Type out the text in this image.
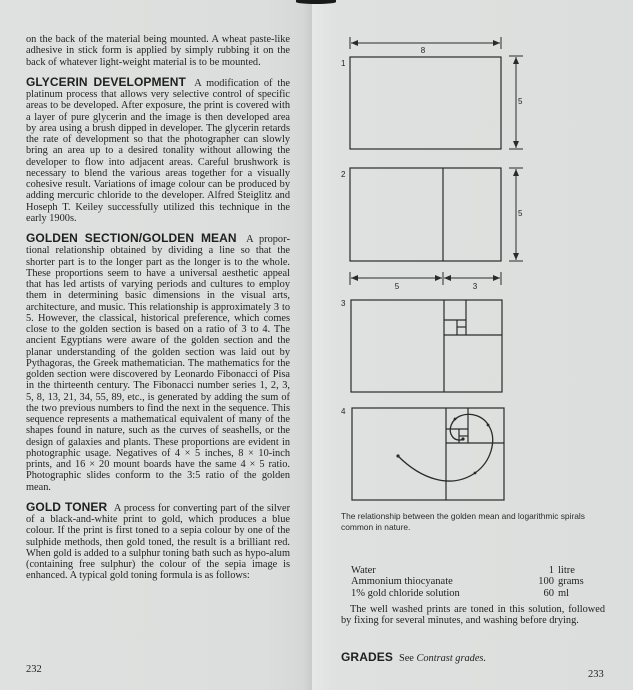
on the back of the material being mounted. A wheat paste-like adhesive in stick form is applied by simply rubbing it on the back of whatever light-weight material is to be mounted.

GLYCERIN DEVELOPMENT A modification of the platinum process that allows very selective control of specific areas to be developed. After exposure, the print is covered with a layer of pure glycerin and the image is then developed area by area using a brush dipped in developer. The glycerin retards the rate of development so that the photographer can slowly bring an area up to a desired tonality without allowing the developer to flow into adjacent areas. Careful brushwork is necessary to blend the various areas together for a visually cohesive result. Variations of image colour can be produced by adding mercuric chloride to the developer. Alfred Steiglitz and Hoseph T. Keiley successfully utilized this technique in the early 1900s.

GOLDEN SECTION/GOLDEN MEAN A proportional relationship obtained by dividing a line so that the shorter part is to the longer part as the longer is to the whole. These proportions seem to have a universal aesthetic appeal that has led artists of varying periods and cultures to employ them in determining basic dimensions in the visual arts, architecture, and music. This relationship is approximately 3 to 5. However, the classical, historical preference, which comes close to the golden section is based on a ratio of 3 to 4. The ancient Egyptians were aware of the golden section and the planar understanding of the golden section was laid out by Pythagoras, the Greek mathematician. The mathematics for the golden section were discovered by Leonardo Fibonacci of Pisa in the thirteenth century. The Fibonacci number series 1, 2, 3, 5, 8, 13, 21, 34, 55, 89, etc., is generated by adding the sum of the two previous numbers to find the next in the sequence. This sequence represents a mathematical equivalent of many of the shapes found in nature, such as the curves of seashells, or the design of galaxies and plants. These proportions are evident in photographic usage. Negatives of 4 × 5 inches, 8 × 10-inch prints, and 16 × 20 mount boards have the same 4 × 5 ratio. Photographic slides conform to the 3:5 ratio of the golden mean.

GOLD TONER A process for converting part of the silver of a black-and-white print to gold, which produces a blue colour. If the print is first toned to a sepia colour by one of the sulphide methods, then gold toned, the result is a brilliant red. When gold is added to a sulphur toning bath such as hypo-alum (containing free sulphur) the colour of the sepia image is enhanced. A typical gold toning formula is as follows:

232
1
8
5
2
5
5	3
3
4
The relationship between the golden mean and logarithmic spirals common in nature.
Water	1 litre
Ammonium thiocyanate	100 grams
1% gold chloride solution	60 ml
The well washed prints are toned in this solution, followed by fixing for several minutes, and washing before drying.
GRADES See Contrast grades.
233
